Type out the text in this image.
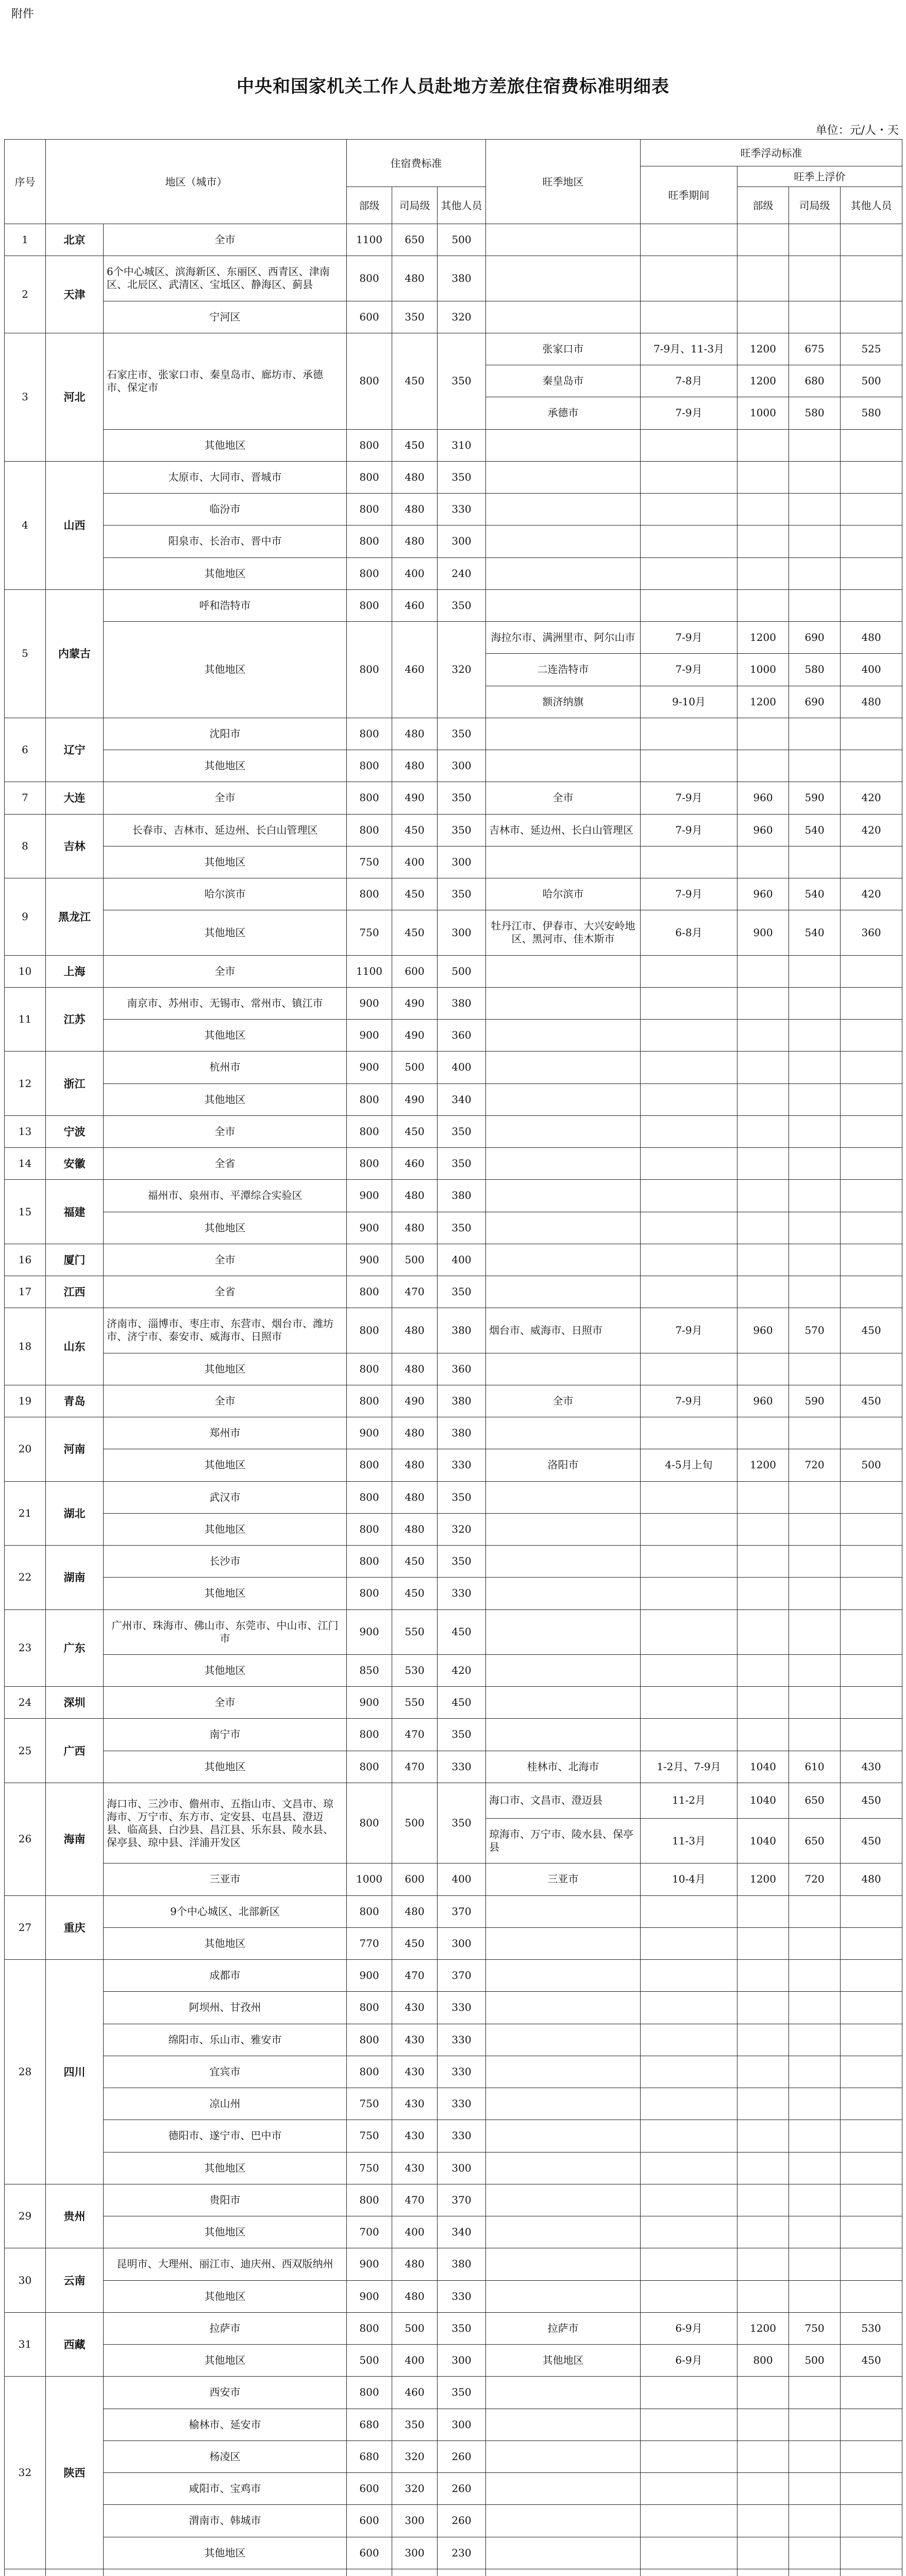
附件
中央和国家机关工作人员赴地方差旅住宿费标准明细表
单位：元/人・天
序号	地区（城市）		住宿费标准			旺季地区	旺季浮动标准			
							旺季期间	旺季上浮价		
			部级	司局级	其他人员			部级	司局级	其他人员
1	北京	全市	1100	650	500					
2	天津	6个中心城区、滨海新区、东丽区、西青区、津南区、北辰区、武清区、宝坻区、静海区、蓟县	800	480	380					
		宁河区	600	350	320					
3	河北	石家庄市、张家口市、秦皇岛市、廊坊市、承德市、保定市	800	450	350	张家口市	7-9月、11-3月	1200	675	525
						秦皇岛市	7-8月	1200	680	500
						承德市	7-9月	1000	580	580
		其他地区	800	450	310					
4	山西	太原市、大同市、晋城市	800	480	350					
		临汾市	800	480	330					
		阳泉市、长治市、晋中市	800	480	300					
		其他地区	800	400	240					
5	内蒙古	呼和浩特市	800	460	350					
		其他地区	800	460	320	海拉尔市、满洲里市、阿尔山市	7-9月	1200	690	480
						二连浩特市	7-9月	1000	580	400
						额济纳旗	9-10月	1200	690	480
6	辽宁	沈阳市	800	480	350					
		其他地区	800	480	300					
7	大连	全市	800	490	350	全市	7-9月	960	590	420
8	吉林	长春市、吉林市、延边州、长白山管理区	800	450	350	吉林市、延边州、长白山管理区	7-9月	960	540	420
		其他地区	750	400	300					
9	黑龙江	哈尔滨市	800	450	350	哈尔滨市	7-9月	960	540	420
		其他地区	750	450	300	牡丹江市、伊春市、大兴安岭地区、黑河市、佳木斯市	6-8月	900	540	360
10	上海	全市	1100	600	500					
11	江苏	南京市、苏州市、无锡市、常州市、镇江市	900	490	380					
		其他地区	900	490	360					
12	浙江	杭州市	900	500	400					
		其他地区	800	490	340					
13	宁波	全市	800	450	350					
14	安徽	全省	800	460	350					
15	福建	福州市、泉州市、平潭综合实验区	900	480	380					
		其他地区	900	480	350					
16	厦门	全市	900	500	400					
17	江西	全省	800	470	350					
18	山东	济南市、淄博市、枣庄市、东营市、烟台市、潍坊市、济宁市、泰安市、威海市、日照市	800	480	380	烟台市、威海市、日照市	7-9月	960	570	450
		其他地区	800	480	360					
19	青岛	全市	800	490	380	全市	7-9月	960	590	450
20	河南	郑州市	900	480	380					
		其他地区	800	480	330	洛阳市	4-5月上旬	1200	720	500
21	湖北	武汉市	800	480	350					
		其他地区	800	480	320					
22	湖南	长沙市	800	450	350					
		其他地区	800	450	330					
23	广东	广州市、珠海市、佛山市、东莞市、中山市、江门市	900	550	450					
		其他地区	850	530	420					
24	深圳	全市	900	550	450					
25	广西	南宁市	800	470	350					
		其他地区	800	470	330	桂林市、北海市	1-2月、7-9月	1040	610	430
26	海南	海口市、三沙市、儋州市、五指山市、文昌市、琼海市、万宁市、东方市、定安县、屯昌县、澄迈县、临高县、白沙县、昌江县、乐东县、陵水县、保亭县、琼中县、洋浦开发区	800	500	350	海口市、文昌市、澄迈县	11-2月	1040	650	450
						琼海市、万宁市、陵水县、保亭县	11-3月	1040	650	450
		三亚市	1000	600	400	三亚市	10-4月	1200	720	480
27	重庆	9个中心城区、北部新区	800	480	370					
		其他地区	770	450	300					
28	四川	成都市	900	470	370					
		阿坝州、甘孜州	800	430	330					
		绵阳市、乐山市、雅安市	800	430	330					
		宜宾市	800	430	330					
		凉山州	750	430	330					
		德阳市、遂宁市、巴中市	750	430	330					
		其他地区	750	430	300					
29	贵州	贵阳市	800	470	370					
		其他地区	700	400	340					
30	云南	昆明市、大理州、丽江市、迪庆州、西双版纳州	900	480	380					
		其他地区	900	480	330					
31	西藏	拉萨市	800	500	350	拉萨市	6-9月	1200	750	530
		其他地区	500	400	300	其他地区	6-9月	800	500	450
32	陕西	西安市	800	460	350					
		榆林市、延安市	680	350	300					
		杨凌区	680	320	260					
		咸阳市、宝鸡市	600	320	260					
		渭南市、韩城市	600	300	260					
		其他地区	600	300	230					
